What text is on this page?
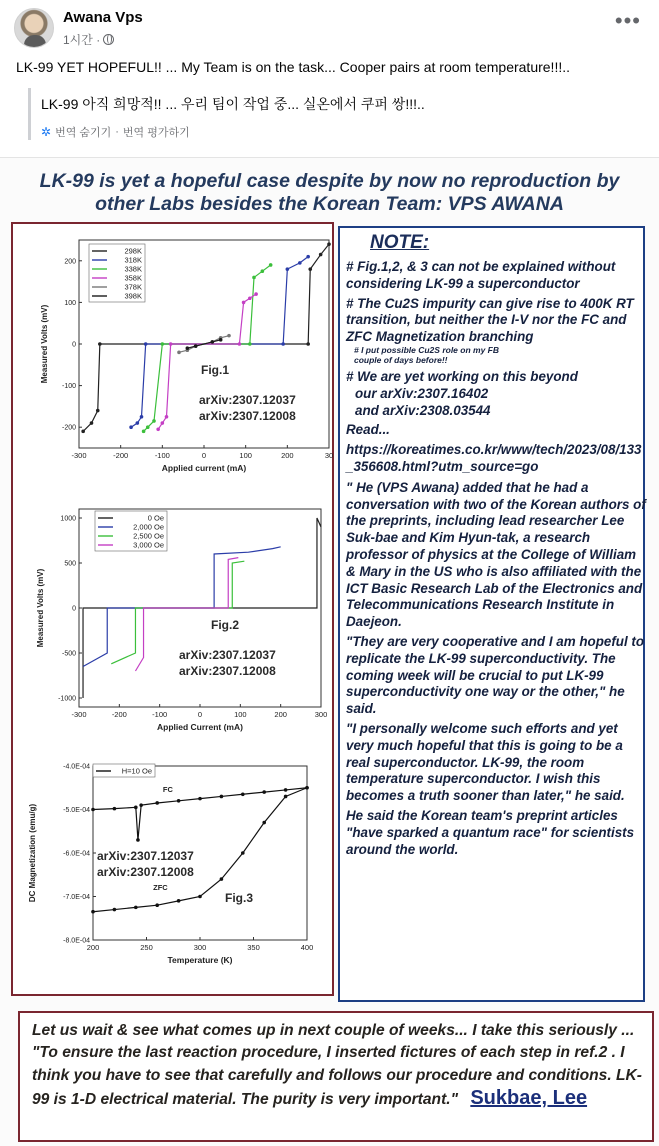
Awana Vps
1시간 ·
•••
LK-99 YET HOPEFUL!! ... My Team is on the task... Cooper pairs at room temperature!!!..
LK-99 아직 희망적!! ... 우리 팀이 작업 중... 실온에서 쿠퍼 쌍!!!..
✲ 번역 숨기기 · 번역 평가하기
LK-99 is yet a hopeful case despite by now no reproduction by
other Labs besides the Korean Team: VPS AWANA
-300	-200	-100	0	100	200	30
-200
-100
0
100
200
Applied current (mA)
Measured Volts (mV)
298K
318K
338K
358K
378K
398K
Fig.1
arXiv:2307.12037
arXiv:2307.12008
-300	-200	-100	0	100	200	300
-1000
-500
0
500
1000
Applied Current (mA)
Measured Volts (mV)
0 Oe
2,000 Oe
2,500 Oe
3,000 Oe
Fig.2
arXiv:2307.12037
arXiv:2307.12008
200	250	300	350	400
-4.0E-04
-5.0E-04
-6.0E-04
-7.0E-04
-8.0E-04
Temperature (K)
DC Magnetization (emu/g)
H=10 Oe
Fig.3
arXiv:2307.12037
arXiv:2307.12008
FC
ZFC
NOTE:

# Fig.1,2, & 3 can not be explained without considering LK-99 a superconductor

# The Cu2S impurity can give rise to 400K RT transition, but neither the I-V nor the FC and ZFC Magnetization branching # I put possible Cu2S role on my FB couple of days before!!

# We are yet working on this beyond
our arXiv:2307.16402
and arXiv:2308.03544

Read...

https://koreatimes.co.kr/www/tech/2023/08/133_356608.html?utm_source=go

" He (VPS Awana) added that he had a conversation with two of the Korean authors of the preprints, including lead researcher Lee Suk-bae and Kim Hyun-tak, a research professor of physics at the College of William & Mary in the US who is also affiliated with the ICT Basic Research Lab of the Electronics and Telecommunications Research Institute in Daejeon.

"They are very cooperative and I am hopeful to replicate the LK-99 superconductivity. The coming week will be crucial to put LK-99 superconductivity one way or the other," he said.

"I personally welcome such efforts and yet very much hopeful that this is going to be a real superconductor. LK-99, the room temperature superconductor. I wish this becomes a truth sooner than later," he said.

He said the Korean team's preprint articles "have sparked a quantum race" for scientists around the world.

Let us wait & see what comes up in next couple of weeks... I take this seriously ... "To ensure the last reaction procedure, I inserted fictures of each step in ref.2 . I think you have to see that carefully and follows our procedure and conditions. LK-99 is 1-D electrical material. The purity is very important." Sukbae, Lee
